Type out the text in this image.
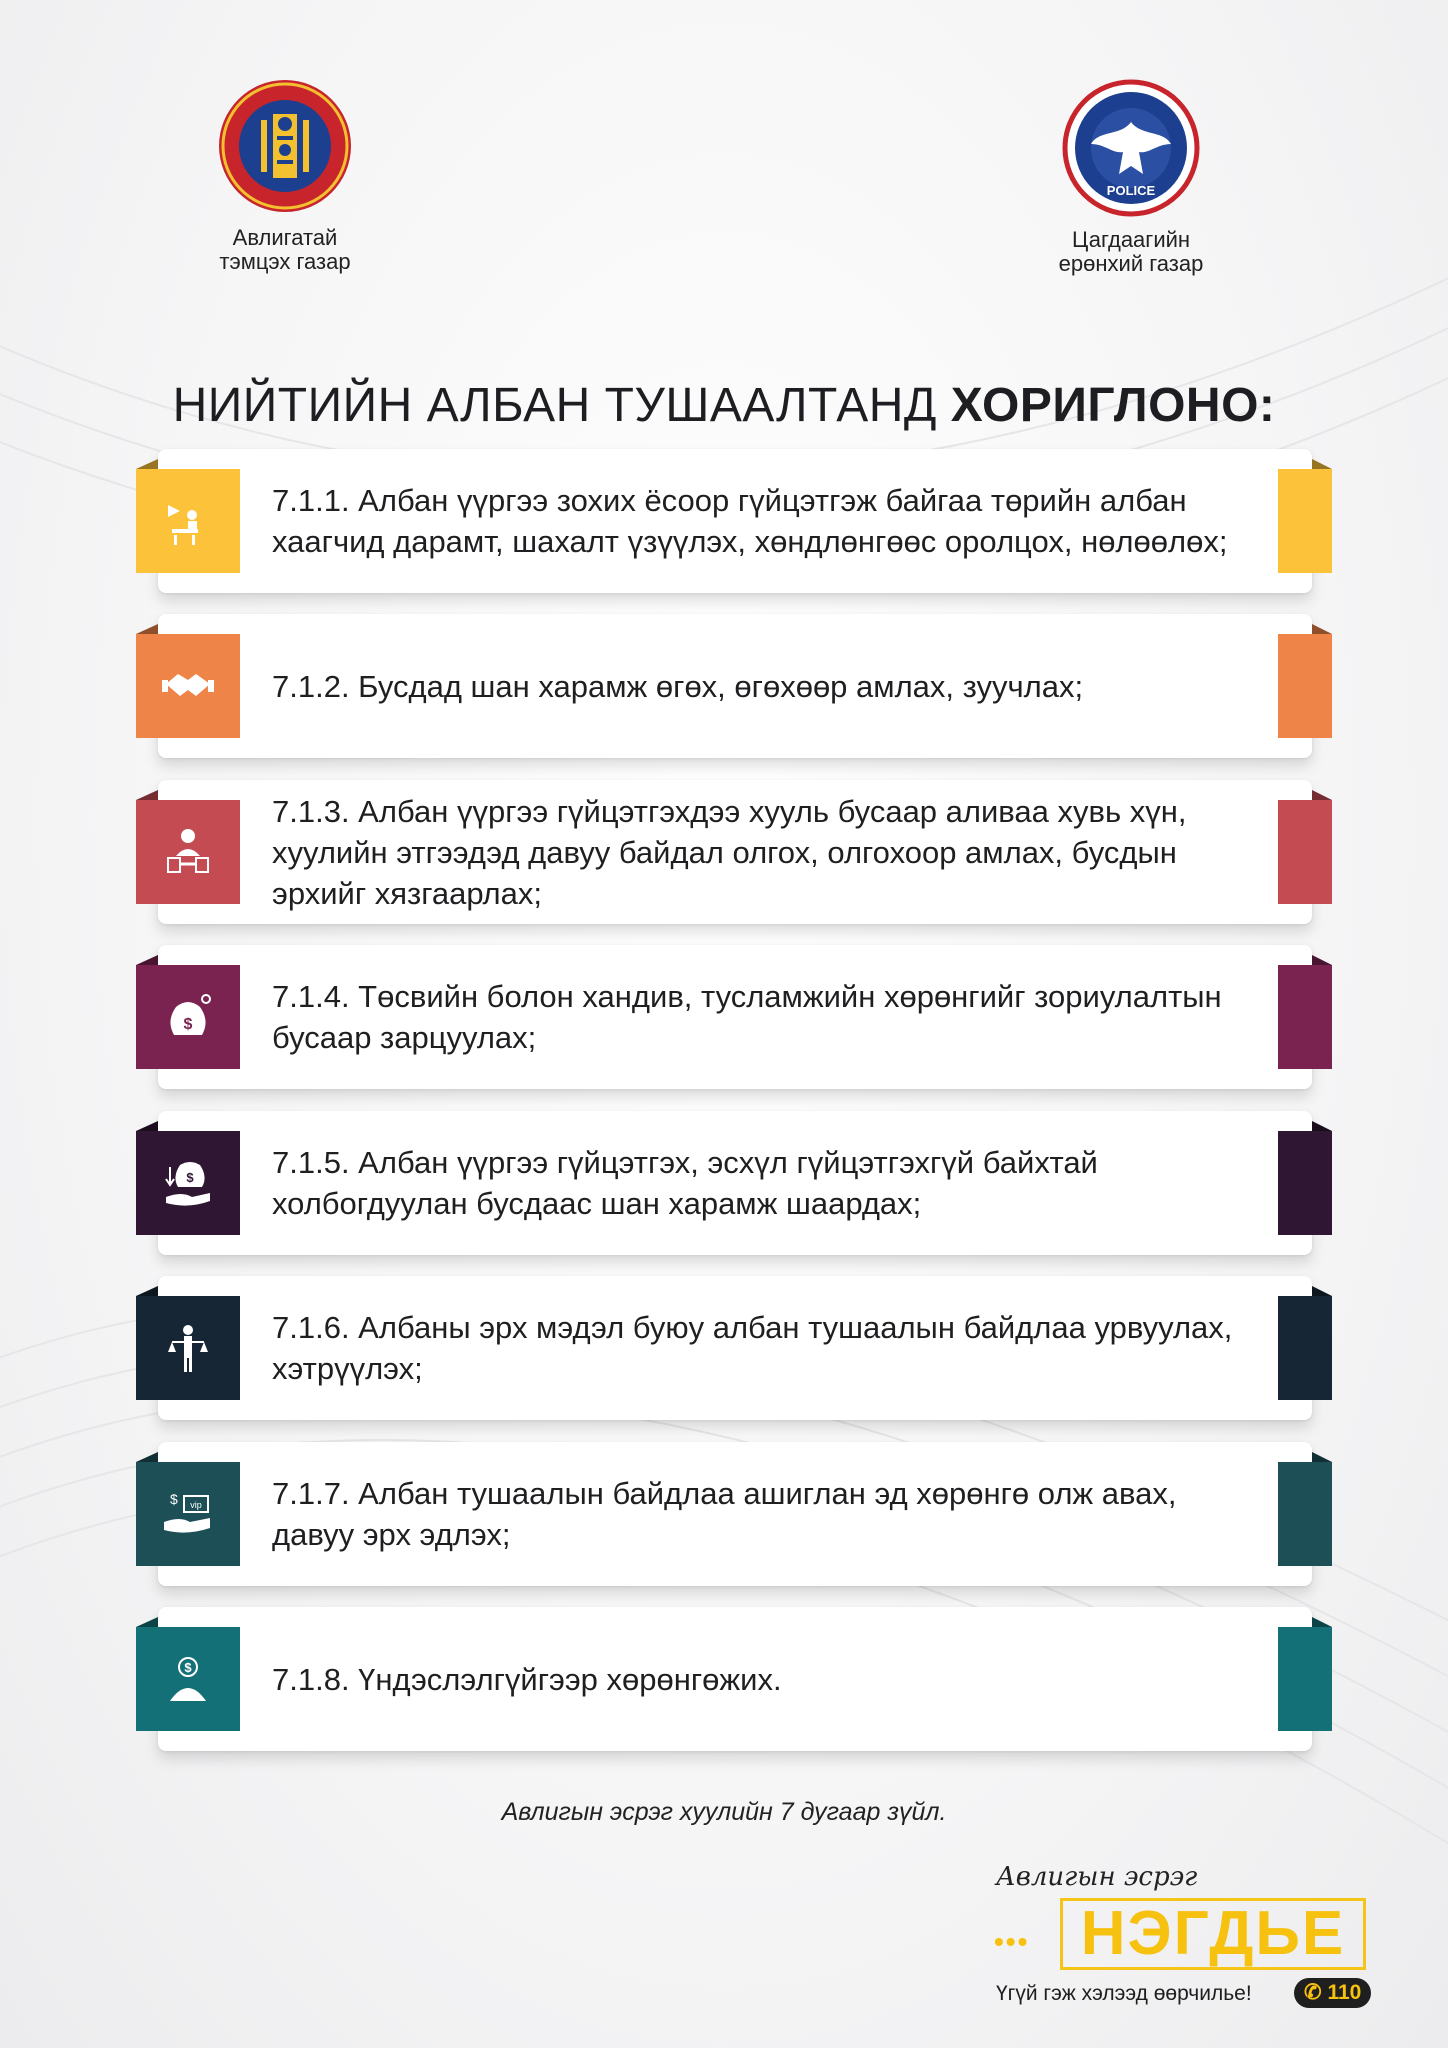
Авлигатай
тэмцэх газар
POLICE
Цагдаагийн
ерөнхий газар
НИЙТИЙН АЛБАН ТУШААЛТАНД ХОРИГЛОНО:
7.1.1. Албан үүргээ зохих ёсоор гүйцэтгэж байгаа төрийн албан хаагчид дарамт, шахалт үзүүлэх, хөндлөнгөөс оролцох, нөлөөлөх;
7.1.2. Бусдад шан харамж өгөх, өгөхөөр амлах, зуучлах;
7.1.3. Албан үүргээ гүйцэтгэхдээ хууль бусаар аливаа хувь хүн, хуулийн этгээдэд давуу байдал олгох, олгохоор амлах, бусдын эрхийг хязгаарлах;
$
7.1.4. Төсвийн болон хандив, тусламжийн хөрөнгийг зориулалтын бусаар зарцуулах;
$	7.1.5. Албан үүргээ гүйцэтгэх, эсхүл гүйцэтгэхгүй байхтай холбогдуулан бусдаас шан харамж шаардах;
7.1.6. Албаны эрх мэдэл буюу албан тушаалын байдлаа урвуулах, хэтрүүлэх;
vip
$	7.1.7. Албан тушаалын байдлаа ашиглан эд хөрөнгө олж авах, давуу эрх эдлэх;
$	7.1.8. Үндэслэлгүйгээр хөрөнгөжих.
Авлигын эсрэг хуулийн 7 дугаар зүйл.
Авлигын эсрэг
••• НЭГДЬЕ
Үгүй гэж хэлээд өөрчилье!	✆ 110
